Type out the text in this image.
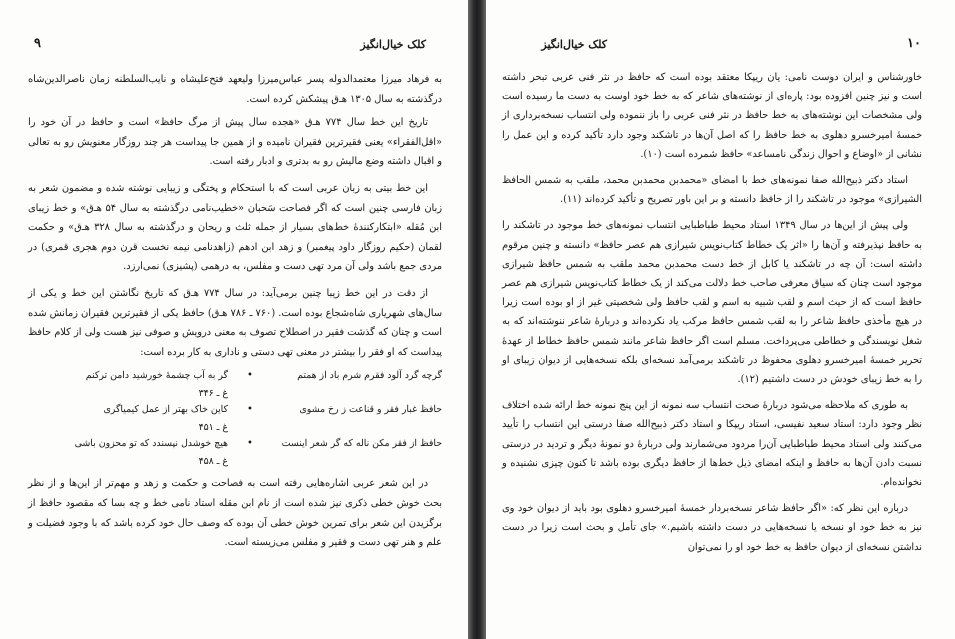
کلک خیال‌انگیز
۹

به فرهاد میرزا معتمدالدوله پسر عباس‌میرزا ولیعهد فتح‌علیشاه و نایب‌السلطنه زمان ناصرالدین‌شاه درگذشته به سال ۱۳۰۵ هـ‌ق پیشکش کرده است.

تاریخ این خط سال ۷۷۴ هـ‌ق «هجده سال پیش از مرگ حافظ» است و حافظ در آن خود را «اقل‌الفقراء» یعنی فقیرترین فقیران نامیده و از همین جا پیداست هر چند روزگار معنویش رو به تعالی و اقبال داشته وضع مالیش رو به بدتری و ادبار رفته است.

این خط بیتی به زبان عربی است که با استحکام و پختگی و زیبایی نوشته شده و مضمون شعر به زبان فارسی چنین است که اگر فصاحت سَحبان «خطیب‌نامی درگذشته به سال ۵۴ هـ‌ق» و خط زیبای ابن مُقله «ابتکارکنندهٔ خط‌های بسیار از جمله ثلث و ریحان و درگذشته به سال ۳۲۸ هـ‌ق» و حکمت لقمان (حکیم روزگار داود پیغمبر) و زهد ابن ادهم (زاهدنامی نیمه نخست قرن دوم هجری قمری) در مردی جمع باشد ولی آن مرد تهی دست و مفلس، به درهمی (پشیزی) نمی‌ارزد.

از دقت در این خط زیبا چنین برمی‌آید: در سال ۷۷۴ هـ‌ق که تاریخ نگاشتن این خط و یکی از سال‌های شهریاری شاه‌شجاع بوده است. (۷۶۰ ـ ۷۸۶ هـ‌ق) حافظ یکی از فقیرترین فقیران زمانش شده است و چنان که گذشت فقیر در اصطلاح تصوف به معنی درویش و صوفی نیز هست ولی از کلام حافظ پیداست که او فقر را بیشتر در معنی تهی دستی و ناداری به کار برده است:

گرچه گرد آلود فقرم شرم باد از همتم
•
گر به آب چشمهٔ خورشید دامن ترکنم
غ ـ ۳۴۶
حافظ غبار فقر و قناعت ز رخ مشوی
•
کاین خاک بهتر از عمل کیمیاگری
غ ـ ۴۵۱
حافظ از فقر مکن ناله که گر شعر اینست
•
هیچ خوشدل نپسندد که تو محزون باشی
غ ـ ۴۵۸

در این شعر عربی اشاره‌هایی رفته است به فصاحت و حکمت و زهد و مهم‌تر از این‌ها و از نظر بحث خوش خطی ذکری نیز شده است از نام ابن مقله استاد نامی خط و چه بسا که مقصود حافظ از برگزیدن این شعر برای تمرین خوش خطی آن بوده که وصف حال خود کرده باشد که با وجود فضیلت و علم و هنر تهی دست و فقیر و مفلس می‌زیسته است.

کلک خیال‌انگیز	۱۰

خاورشناس و ایران دوست نامی: یان ریپکا معتقد بوده است که حافظ در نثر فنی عربی تبحر داشته است و نیز چنین افزوده بود: پاره‌ای از نوشته‌های شاعر که به خط خود اوست به دست ما رسیده است ولی مشخصات این نوشته‌های به خط حافظ در نثر فنی عربی را باز ننموده ولی انتساب نسخه‌برداری از خمسهٔ امیرخسرو دهلوی به خط حافظ را که اصل آن‌ها در تاشکند وجود دارد تأکید کرده و این عمل را نشانی از «اوضاع و احوال زندگی نامساعد» حافظ شمرده است (۱۰).

استاد دکتر ذبیح‌الله صفا نمونه‌های خط با امضای «محمدبن محمدبن محمد، ملقب به شمس الحافظ الشیرازی» موجود در تاشکند را از حافظ دانسته و بر این باور تصریح و تأکید کرده‌اند (۱۱).

ولی پیش از این‌ها در سال ۱۳۴۹ استاد محیط طباطبایی انتساب نمونه‌های خط موجود در تاشکند را به حافظ نپذیرفته و آن‌ها را «اثر یک خطاط کتاب‌نویس شیرازی هم عصر حافظ» دانسته و چنین مرقوم داشته است: آن چه در تاشکند یا کابل از خط دست محمدبن محمد ملقب به شمس حافظ شیرازی موجود است چنان که سیاق معرفی صاحب خط دلالت می‌کند از یک خطاط کتاب‌نویس شیرازی هم عصر حافظ است که از حیث اسم و لقب شبیه به اسم و لقب حافظ ولی شخصیتی غیر از او بوده است زیرا در هیچ مأخذی حافظ شاعر را به لقب شمس حافظ مرکب یاد نکرده‌اند و دربارهٔ شاعر ننوشته‌اند که به شغل نویسندگی و خطاطی می‌پرداخت. مسلم است اگر حافظ شاعر مانند شمس حافظ خطاط از عهدهٔ تحریر خمسهٔ امیرخسرو دهلوی محفوظ در تاشکند برمی‌آمد نسخه‌ای بلکه نسخه‌هایی از دیوان زیبای او را به خط زیبای خودش در دست داشتیم (۱۲).

به طوری که ملاحظه می‌شود دربارهٔ صحت انتساب سه نمونه از این پنج نمونه خط ارائه شده اختلاف نظر وجود دارد: استاد سعید نفیسی، استاد ریپکا و استاد دکتر ذبیح‌الله صفا درستی این انتساب را تأیید می‌کنند ولی استاد محیط طباطبایی آن‌را مردود می‌شمارند ولی دربارهٔ دو نمونهٔ دیگر و تردید در درستی نسبت دادن آن‌ها به حافظ و اینکه امضای ذیل خط‌ها از حافظ دیگری بوده باشد تا کنون چیزی نشنیده و نخوانده‌ام.

درباره این نظر که: «اگر حافظ شاعر نسخه‌بردار خمسهٔ امیرخسرو دهلوی بود باید از دیوان خود وی نیز به خط خود او نسخه یا نسخه‌هایی در دست داشته باشیم.» جای تأمل و بحث است زیرا در دست نداشتن نسخه‌ای از دیوان حافظ به خط خود او را نمی‌توان
